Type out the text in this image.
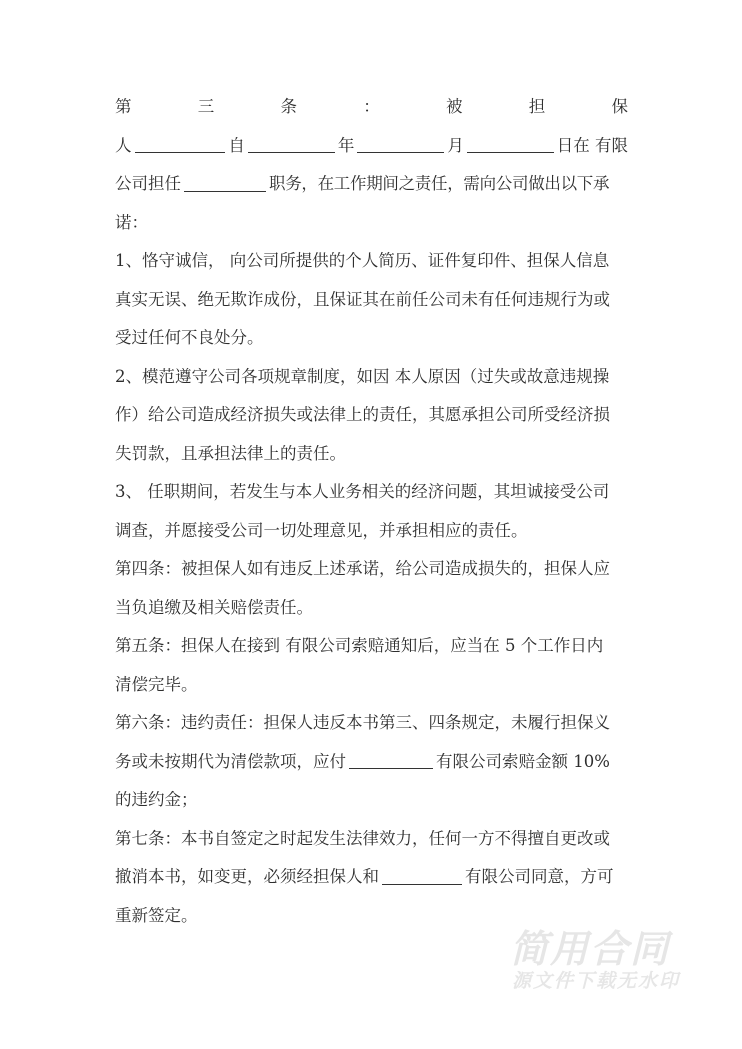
第	三	条	：	被	担	保
人	自	年	月	日在 有限
公司担任	职务，在工作期间之责任，需向公司做出以下承
诺：
1、恪守诚信， 向公司所提供的个人简历、证件复印件、担保人信息
真实无误、绝无欺诈成份，且保证其在前任公司未有任何违规行为或
受过任何不良处分。
2、模范遵守公司各项规章制度，如因 本人原因（过失或故意违规操
作）给公司造成经济损失或法律上的责任，其愿承担公司所受经济损
失罚款，且承担法律上的责任。
3、 任职期间，若发生与本人业务相关的经济问题，其坦诚接受公司
调查，并愿接受公司一切处理意见，并承担相应的责任。
第四条：被担保人如有违反上述承诺，给公司造成损失的，担保人应
当负追缴及相关赔偿责任。
第五条：担保人在接到 有限公司索赔通知后，应当在 5 个工作日内
清偿完毕。
第六条：违约责任：担保人违反本书第三、四条规定，未履行担保义
务或未按期代为清偿款项，应付	有限公司索赔金额 10%
的违约金；
第七条：本书自签定之时起发生法律效力，任何一方不得擅自更改或
撤消本书，如变更，必须经担保人和	有限公司同意，方可
重新签定。
简用合同
源文件下载无水印
